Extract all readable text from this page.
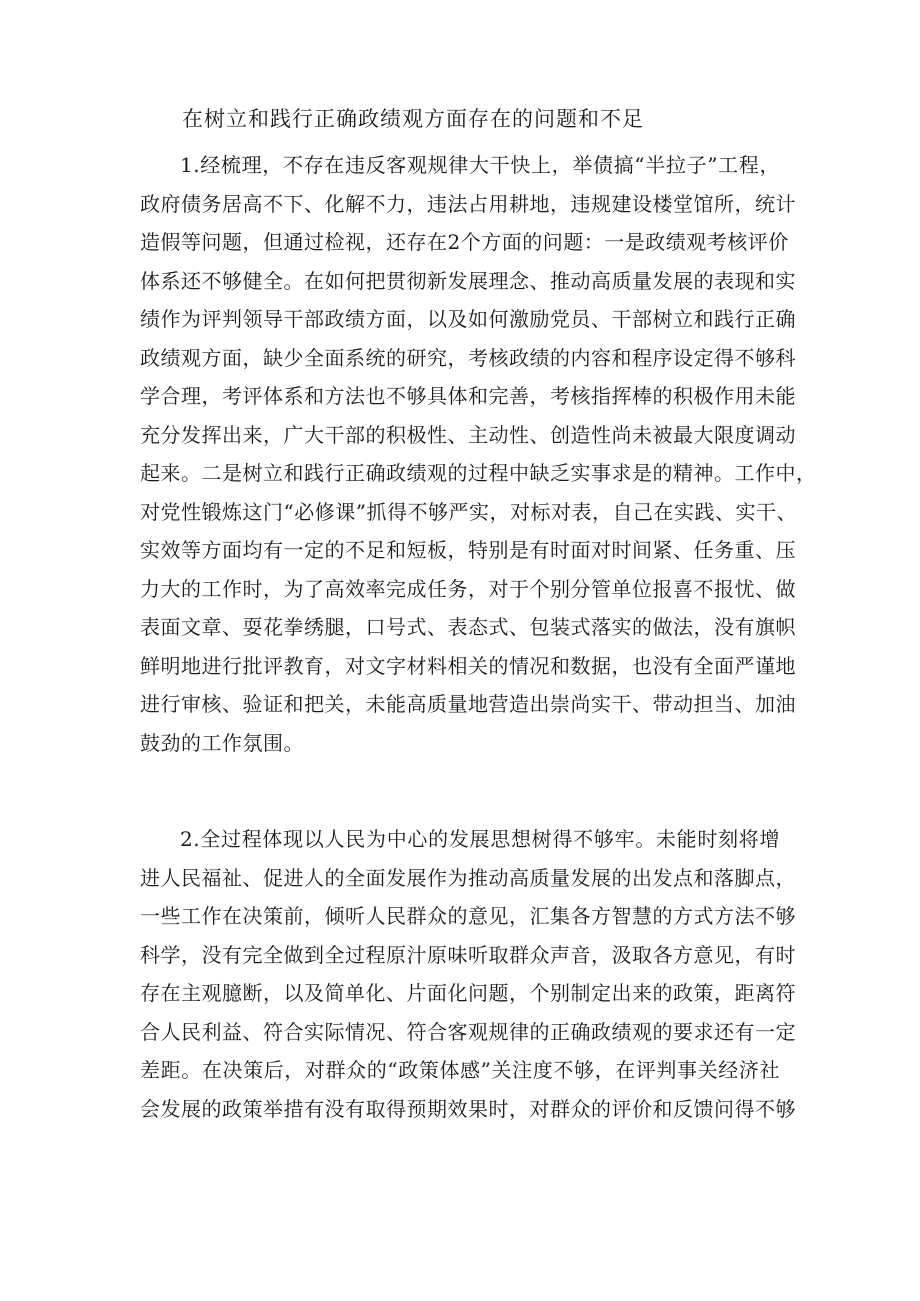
在树立和践行正确政绩观方面存在的问题和不足
1.经梳理，不存在违反客观规律大干快上，举债搞“半拉子”工程，
政府债务居高不下、化解不力，违法占用耕地，违规建设楼堂馆所，统计
造假等问题，但通过检视，还存在2个方面的问题：一是政绩观考核评价
体系还不够健全。在如何把贯彻新发展理念、推动高质量发展的表现和实
绩作为评判领导干部政绩方面，以及如何激励党员、干部树立和践行正确
政绩观方面，缺少全面系统的研究，考核政绩的内容和程序设定得不够科
学合理，考评体系和方法也不够具体和完善，考核指挥棒的积极作用未能
充分发挥出来，广大干部的积极性、主动性、创造性尚未被最大限度调动
起来。二是树立和践行正确政绩观的过程中缺乏实事求是的精神。工作中，
对党性锻炼这门“必修课”抓得不够严实，对标对表，自己在实践、实干、
实效等方面均有一定的不足和短板，特别是有时面对时间紧、任务重、压
力大的工作时，为了高效率完成任务，对于个别分管单位报喜不报忧、做
表面文章、耍花拳绣腿，口号式、表态式、包装式落实的做法，没有旗帜
鲜明地进行批评教育，对文字材料相关的情况和数据，也没有全面严谨地
进行审核、验证和把关，未能高质量地营造出崇尚实干、带动担当、加油
鼓劲的工作氛围。
2.全过程体现以人民为中心的发展思想树得不够牢。未能时刻将增
进人民福祉、促进人的全面发展作为推动高质量发展的出发点和落脚点，
一些工作在决策前，倾听人民群众的意见，汇集各方智慧的方式方法不够
科学，没有完全做到全过程原汁原味听取群众声音，汲取各方意见，有时
存在主观臆断，以及简单化、片面化问题，个别制定出来的政策，距离符
合人民利益、符合实际情况、符合客观规律的正确政绩观的要求还有一定
差距。在决策后，对群众的“政策体感”关注度不够，在评判事关经济社
会发展的政策举措有没有取得预期效果时，对群众的评价和反馈问得不够
